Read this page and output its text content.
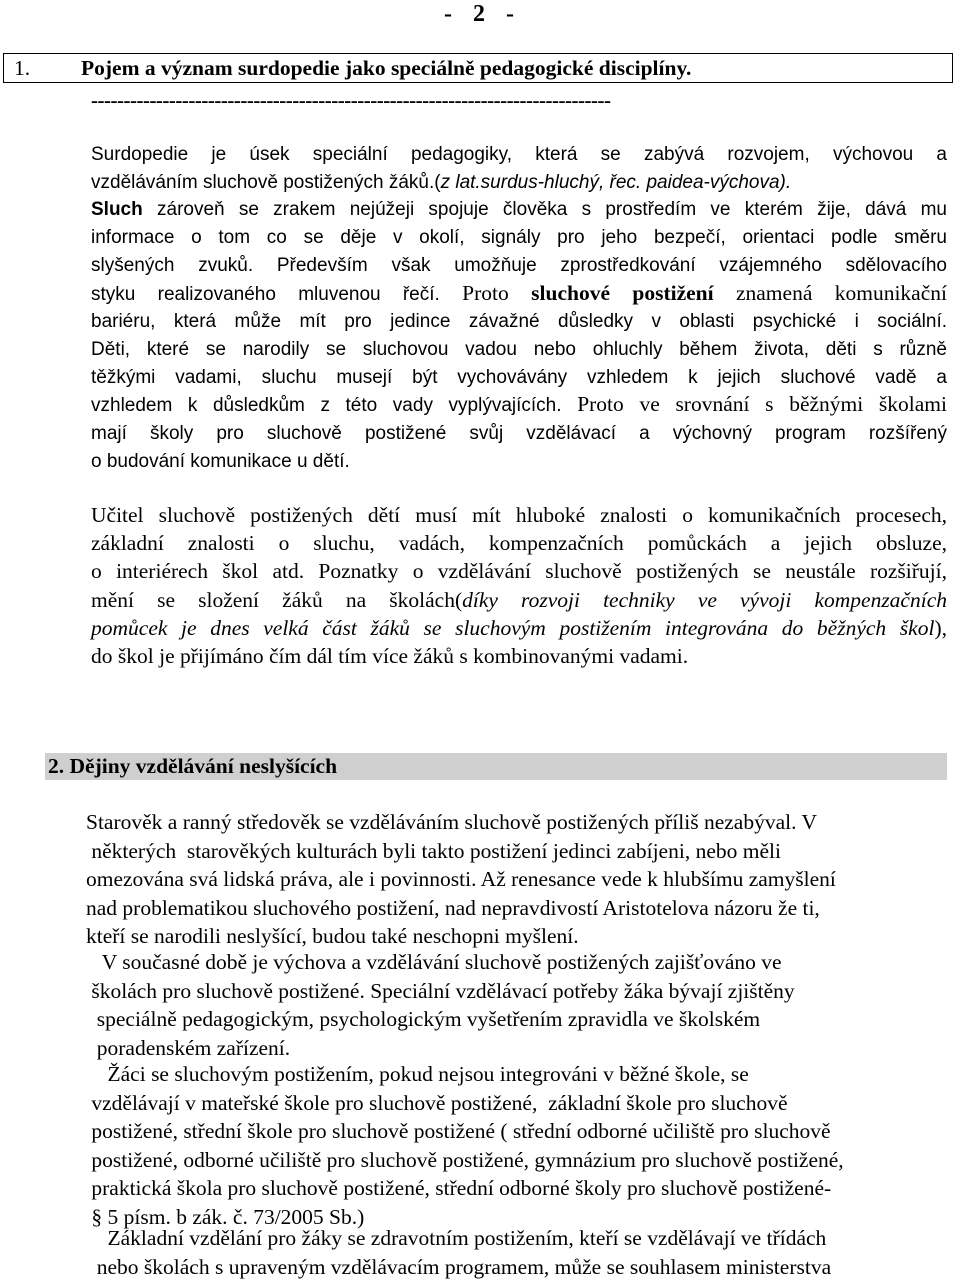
-  2  -
1. Pojem a význam surdopedie jako speciálně pedagogické disciplíny.
--------------------------------------------------------------------------------
Surdopedie je úsek speciální pedagogiky, která se zabývá rozvojem, výchovou a
vzděláváním sluchově postižených žáků.(z lat.surdus-hluchý, řec. paidea-výchova).
Sluch zároveň se zrakem nejúžeji spojuje člověka s prostředím ve kterém žije, dává mu
informace o tom co se děje v okolí, signály pro jeho bezpečí, orientaci podle směru
slyšených zvuků. Především však umožňuje zprostředkování vzájemného sdělovacího
styku realizovaného mluvenou řečí. Proto sluchové postižení znamená komunikační
bariéru, která může mít pro jedince závažné důsledky v oblasti psychické i sociální.
Děti, které se narodily se sluchovou vadou nebo ohluchly během života, děti s různě
těžkými vadami, sluchu musejí být vychovávány vzhledem k jejich sluchové vadě a
vzhledem k důsledkům z této vady vyplývajících. Proto ve srovnání s běžnými školami
mají školy pro sluchově postižené svůj vzdělávací a výchovný program rozšířený
o budování komunikace u dětí.
Učitel sluchově postižených dětí musí mít hluboké znalosti o komunikačních procesech,
základní znalosti o sluchu, vadách, kompenzačních pomůckách a jejich obsluze,
o interiérech škol atd. Poznatky o vzdělávání sluchově postižených se neustále rozšiřují,
mění se složení žáků na školách(díky rozvoji techniky ve vývoji kompenzačních
pomůcek je dnes velká část žáků se sluchovým postižením integrována do běžných škol),
do škol je přijímáno čím dál tím více žáků s kombinovanými vadami.
2. Dějiny vzdělávání neslyšících
Starověk a ranný středověk se vzděláváním sluchově postižených příliš nezabýval. V
některých  starověkých kulturách byli takto postižení jedinci zabíjeni, nebo měli
omezována svá lidská práva, ale i povinnosti. Až renesance vede k hlubšímu zamyšlení
nad problematikou sluchového postižení, nad nepravdivostí Aristotelova názoru že ti,
kteří se narodili neslyšící, budou také neschopni myšlení.
V současné době je výchova a vzdělávání sluchově postižených zajišťováno ve
školách pro sluchově postižené. Speciální vzdělávací potřeby žáka bývají zjištěny
speciálně pedagogickým, psychologickým vyšetřením zpravidla ve školském
poradenském zařízení.
Žáci se sluchovým postižením, pokud nejsou integrováni v běžné škole, se
vzdělávají v mateřské škole pro sluchově postižené,  základní škole pro sluchově
postižené, střední škole pro sluchově postižené ( střední odborné učiliště pro sluchově
postižené, odborné učiliště pro sluchově postižené, gymnázium pro sluchově postižené,
praktická škola pro sluchově postižené, střední odborné školy pro sluchově postižené-
§ 5 písm. b zák. č. 73/2005 Sb.)
Základní vzdělání pro žáky se zdravotním postižením, kteří se vzdělávají ve třídách
nebo školách s upraveným vzdělávacím programem, může se souhlasem ministerstva
